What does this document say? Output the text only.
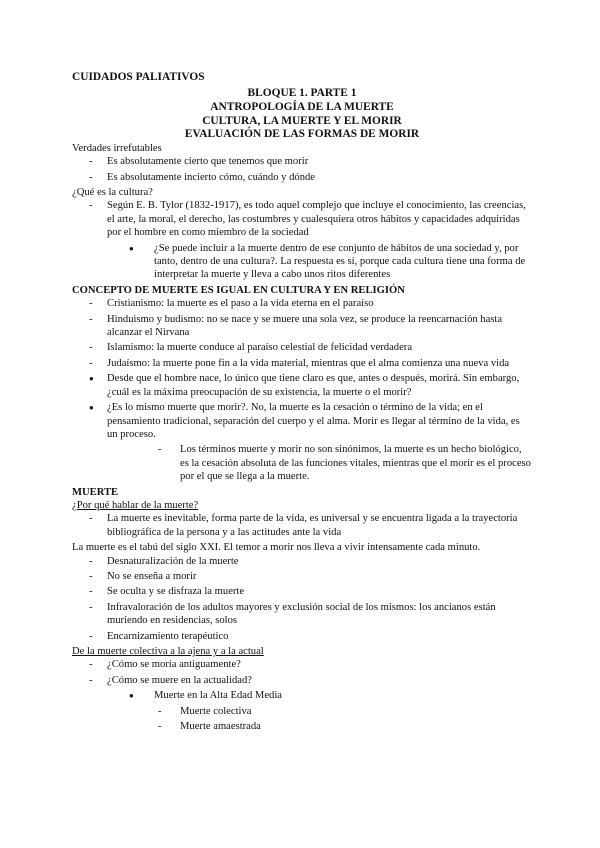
CUIDADOS PALIATIVOS
BLOQUE 1. PARTE 1
ANTROPOLOGÍA DE LA MUERTE
CULTURA, LA MUERTE Y EL MORIR
EVALUACIÓN DE LAS FORMAS DE MORIR

Verdades irrefutables

- Es absolutamente cierto que tenemos que morir
- Es absolutamente incierto cómo, cuándo y dónde

¿Qué es la cultura?

- Según E. B. Tylor (1832-1917), es todo aquel complejo que incluye el conocimiento, las creencias, el arte, la moral, el derecho, las costumbres y cualesquiera otros hábitos y capacidades adquiridas por el hombre en como miembro de la sociedad
● ¿Se puede incluir a la muerte dentro de ese conjunto de hábitos de una sociedad y, por tanto, dentro de una cultura?. La respuesta es sí, porque cada cultura tiene una forma de interpretar la muerte y lleva a cabo unos ritos diferentes

CONCEPTO DE MUERTE ES IGUAL EN CULTURA Y EN RELIGIÓN

- Cristianismo: la muerte es el paso a la vida eterna en el paraíso
- Hinduismo y budismo: no se nace y se muere una sola vez, se produce la reencarnación hasta alcanzar el Nirvana
- Islamismo: la muerte conduce al paraíso celestial de felicidad verdadera
- Judaísmo: la muerte pone fin a la vida material, mientras que el alma comienza una nueva vida
● Desde que el hombre nace, lo único que tiene claro es que, antes o después, morirá. Sin embargo, ¿cuál es la máxima preocupación de su existencia, la muerte o el morir?
● ¿Es lo mismo muerte que morir?. No, la muerte es la cesación o término de la vida; en el pensamiento tradicional, separación del cuerpo y el alma. Morir es llegar al término de la vida, es un proceso.
- Los términos muerte y morir no son sinónimos, la muerte es un hecho biológico, es la cesación absoluta de las funciones vitales, mientras que el morir es el proceso por el que se llega a la muerte.

MUERTE

¿Por qué hablar de la muerte?

- La muerte es inevitable, forma parte de la vida, es universal y se encuentra ligada a la trayectoria bibliográfica de la persona y a las actitudes ante la vida

La muerte es el tabú del siglo XXI. El temor a morir nos lleva a vivir intensamente cada minuto.

- Desnaturalización de la muerte
- No se enseña a morir
- Se oculta y se disfraza la muerte
- Infravaloración de los adultos mayores y exclusión social de los mismos: los ancianos están muriendo en residencias, solos
- Encarnizamiento terapéutico

De la muerte colectiva a la ajena y a la actual

- ¿Cómo se moría antiguamente?
- ¿Cómo se muere en la actualidad?
● Muerte en la Alta Edad Media
- Muerte colectiva
- Muerte amaestrada
